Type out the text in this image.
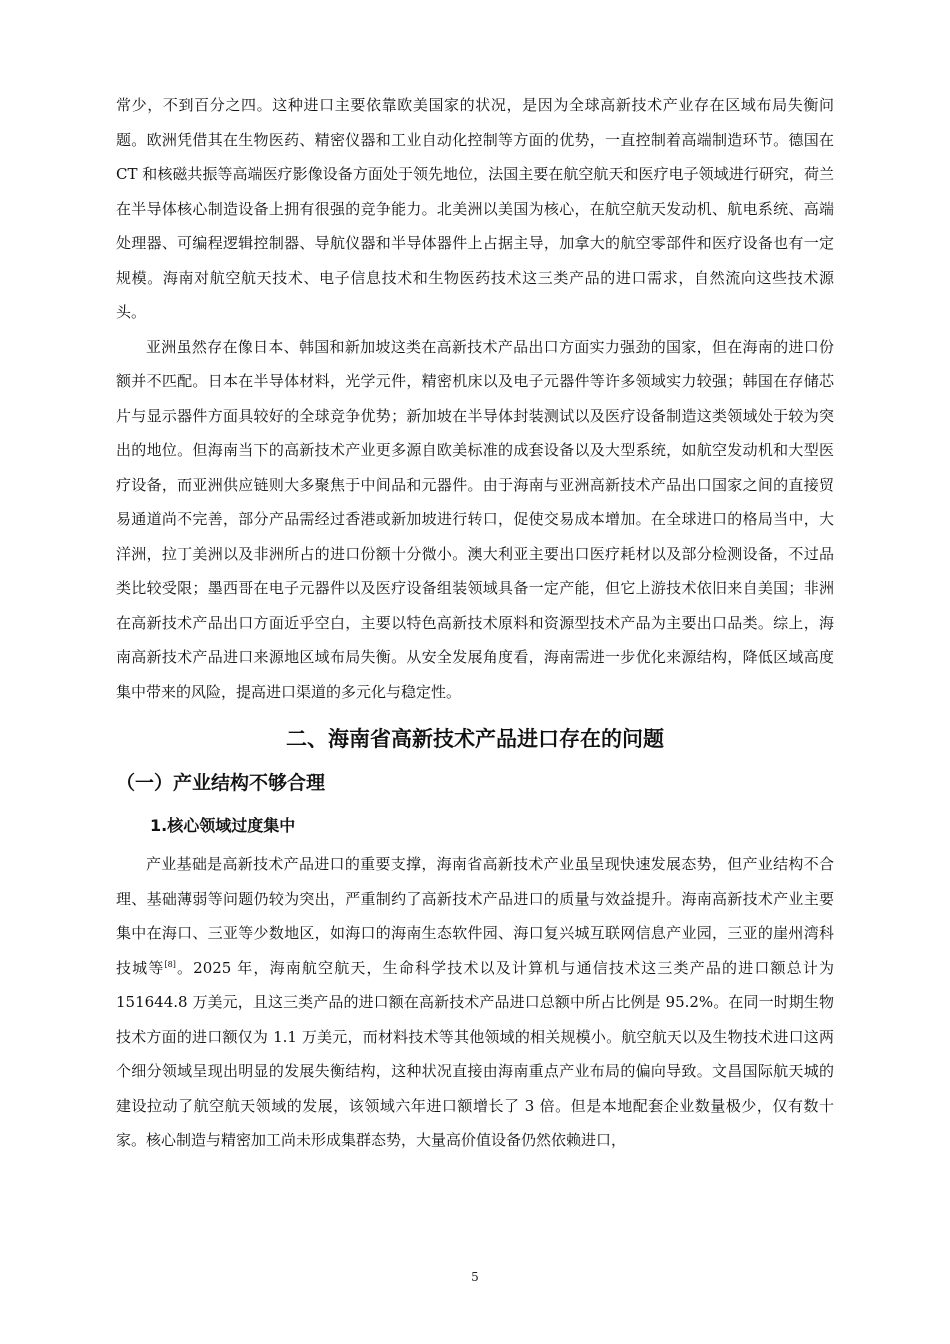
常少，不到百分之四。这种进口主要依靠欧美国家的状况，是因为全球高新技术产业存在区域布局失衡问题。欧洲凭借其在生物医药、精密仪器和工业自动化控制等方面的优势，一直控制着高端制造环节。德国在 CT 和核磁共振等高端医疗影像设备方面处于领先地位，法国主要在航空航天和医疗电子领域进行研究，荷兰在半导体核心制造设备上拥有很强的竞争能力。北美洲以美国为核心，在航空航天发动机、航电系统、高端处理器、可编程逻辑控制器、导航仪器和半导体器件上占据主导，加拿大的航空零部件和医疗设备也有一定规模。海南对航空航天技术、电子信息技术和生物医药技术这三类产品的进口需求，自然流向这些技术源头。

亚洲虽然存在像日本、韩国和新加坡这类在高新技术产品出口方面实力强劲的国家，但在海南的进口份额并不匹配。日本在半导体材料，光学元件，精密机床以及电子元器件等许多领域实力较强；韩国在存储芯片与显示器件方面具较好的全球竞争优势；新加坡在半导体封装测试以及医疗设备制造这类领域处于较为突出的地位。但海南当下的高新技术产业更多源自欧美标准的成套设备以及大型系统，如航空发动机和大型医疗设备，而亚洲供应链则大多聚焦于中间品和元器件。由于海南与亚洲高新技术产品出口国家之间的直接贸易通道尚不完善，部分产品需经过香港或新加坡进行转口，促使交易成本增加。在全球进口的格局当中，大洋洲，拉丁美洲以及非洲所占的进口份额十分微小。澳大利亚主要出口医疗耗材以及部分检测设备，不过品类比较受限；墨西哥在电子元器件以及医疗设备组装领域具备一定产能，但它上游技术依旧来自美国；非洲在高新技术产品出口方面近乎空白，主要以特色高新技术原料和资源型技术产品为主要出口品类。综上，海南高新技术产品进口来源地区域布局失衡。从安全发展角度看，海南需进一步优化来源结构，降低区域高度集中带来的风险，提高进口渠道的多元化与稳定性。

二、海南省高新技术产品进口存在的问题
（一）产业结构不够合理
1.核心领域过度集中

产业基础是高新技术产品进口的重要支撑，海南省高新技术产业虽呈现快速发展态势，但产业结构不合理、基础薄弱等问题仍较为突出，严重制约了高新技术产品进口的质量与效益提升。海南高新技术产业主要集中在海口、三亚等少数地区，如海口的海南生态软件园、海口复兴城互联网信息产业园，三亚的崖州湾科技城等[8]。2025 年，海南航空航天，生命科学技术以及计算机与通信技术这三类产品的进口额总计为 151644.8 万美元，且这三类产品的进口额在高新技术产品进口总额中所占比例是 95.2%。在同一时期生物技术方面的进口额仅为 1.1 万美元，而材料技术等其他领域的相关规模小。航空航天以及生物技术进口这两个细分领域呈现出明显的发展失衡结构，这种状况直接由海南重点产业布局的偏向导致。文昌国际航天城的建设拉动了航空航天领域的发展，该领域六年进口额增长了 3 倍。但是本地配套企业数量极少，仅有数十家。核心制造与精密加工尚未形成集群态势，大量高价值设备仍然依赖进口，

5
